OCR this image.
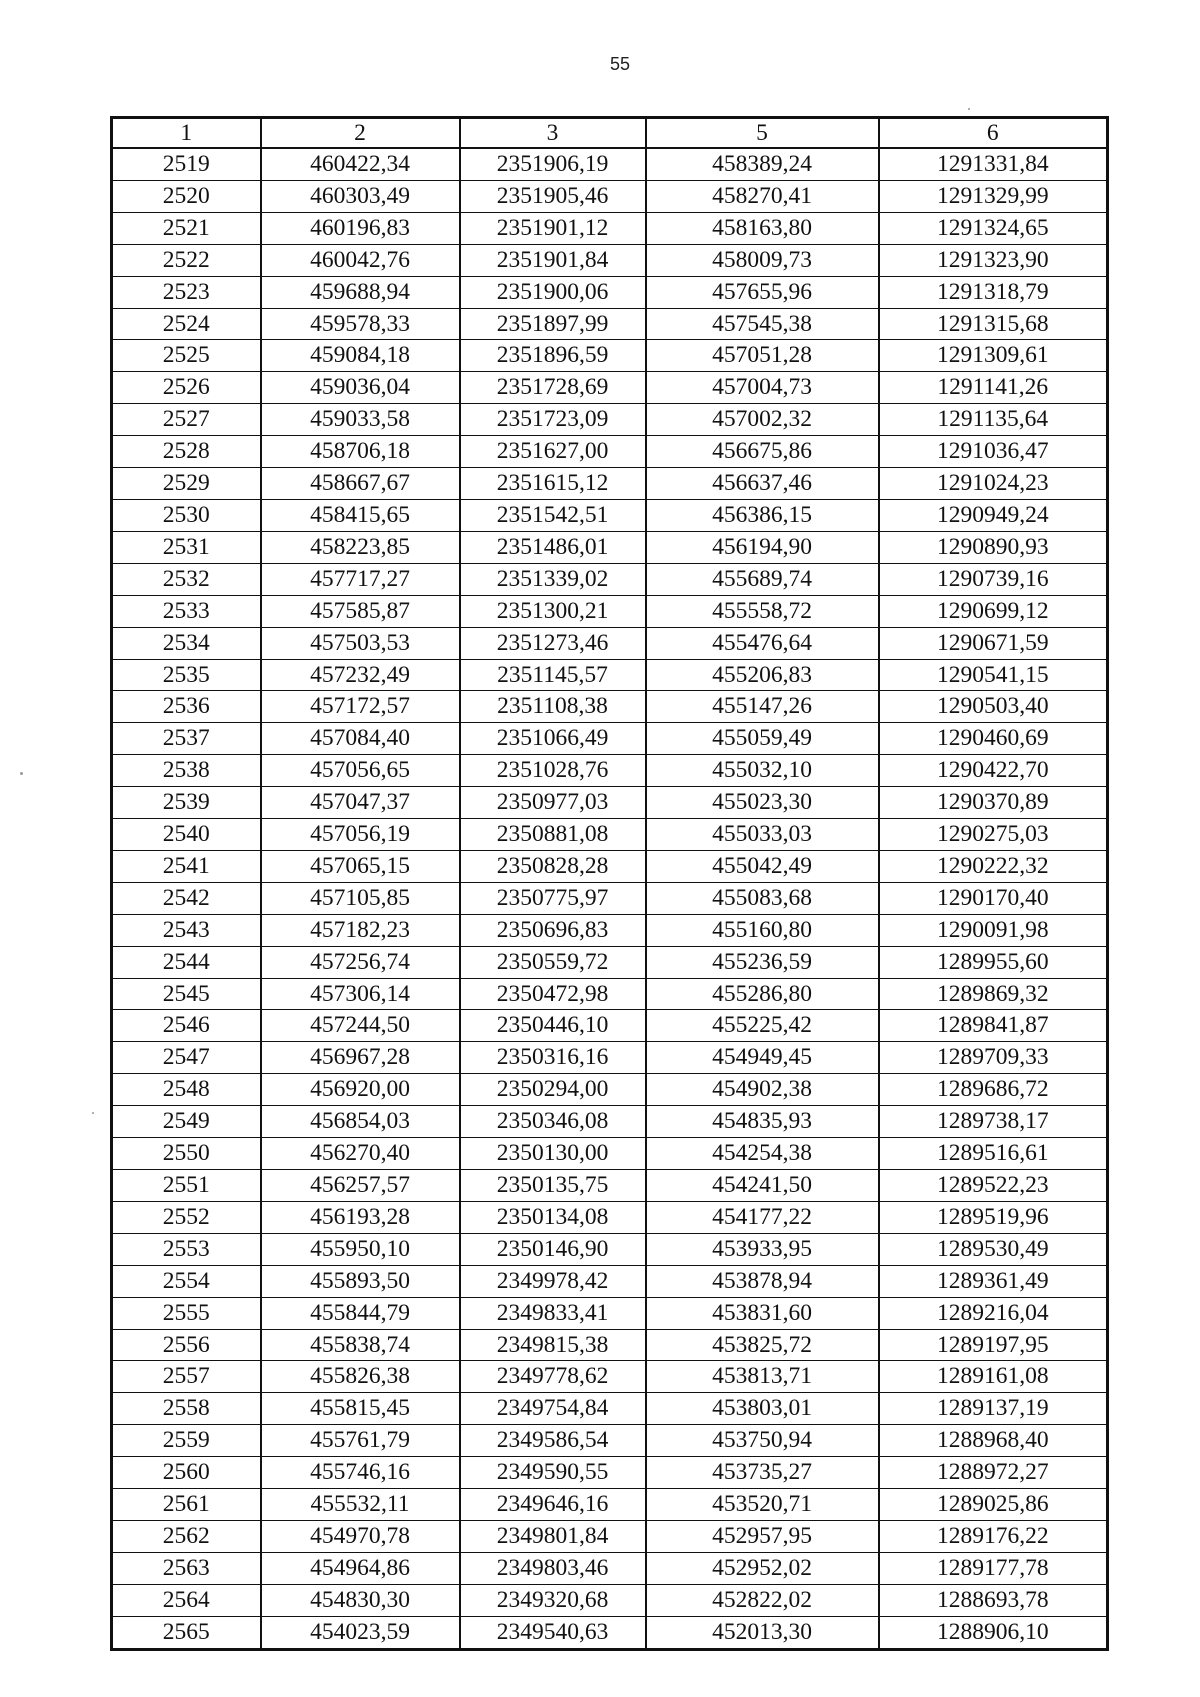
55
1	2	3	5	6
2519	460422,34	2351906,19	458389,24	1291331,84
2520	460303,49	2351905,46	458270,41	1291329,99
2521	460196,83	2351901,12	458163,80	1291324,65
2522	460042,76	2351901,84	458009,73	1291323,90
2523	459688,94	2351900,06	457655,96	1291318,79
2524	459578,33	2351897,99	457545,38	1291315,68
2525	459084,18	2351896,59	457051,28	1291309,61
2526	459036,04	2351728,69	457004,73	1291141,26
2527	459033,58	2351723,09	457002,32	1291135,64
2528	458706,18	2351627,00	456675,86	1291036,47
2529	458667,67	2351615,12	456637,46	1291024,23
2530	458415,65	2351542,51	456386,15	1290949,24
2531	458223,85	2351486,01	456194,90	1290890,93
2532	457717,27	2351339,02	455689,74	1290739,16
2533	457585,87	2351300,21	455558,72	1290699,12
2534	457503,53	2351273,46	455476,64	1290671,59
2535	457232,49	2351145,57	455206,83	1290541,15
2536	457172,57	2351108,38	455147,26	1290503,40
2537	457084,40	2351066,49	455059,49	1290460,69
2538	457056,65	2351028,76	455032,10	1290422,70
2539	457047,37	2350977,03	455023,30	1290370,89
2540	457056,19	2350881,08	455033,03	1290275,03
2541	457065,15	2350828,28	455042,49	1290222,32
2542	457105,85	2350775,97	455083,68	1290170,40
2543	457182,23	2350696,83	455160,80	1290091,98
2544	457256,74	2350559,72	455236,59	1289955,60
2545	457306,14	2350472,98	455286,80	1289869,32
2546	457244,50	2350446,10	455225,42	1289841,87
2547	456967,28	2350316,16	454949,45	1289709,33
2548	456920,00	2350294,00	454902,38	1289686,72
2549	456854,03	2350346,08	454835,93	1289738,17
2550	456270,40	2350130,00	454254,38	1289516,61
2551	456257,57	2350135,75	454241,50	1289522,23
2552	456193,28	2350134,08	454177,22	1289519,96
2553	455950,10	2350146,90	453933,95	1289530,49
2554	455893,50	2349978,42	453878,94	1289361,49
2555	455844,79	2349833,41	453831,60	1289216,04
2556	455838,74	2349815,38	453825,72	1289197,95
2557	455826,38	2349778,62	453813,71	1289161,08
2558	455815,45	2349754,84	453803,01	1289137,19
2559	455761,79	2349586,54	453750,94	1288968,40
2560	455746,16	2349590,55	453735,27	1288972,27
2561	455532,11	2349646,16	453520,71	1289025,86
2562	454970,78	2349801,84	452957,95	1289176,22
2563	454964,86	2349803,46	452952,02	1289177,78
2564	454830,30	2349320,68	452822,02	1288693,78
2565	454023,59	2349540,63	452013,30	1288906,10
